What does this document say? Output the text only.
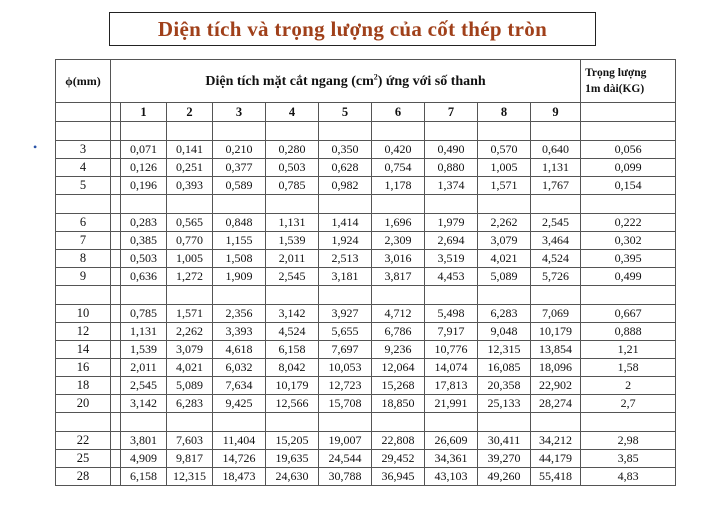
Diện tích và trọng lượng của cốt thép tròn
•
ϕ(mm)	Diện tích mặt cắt ngang $(cm^2)$ ứng với số thanh										Trọng lượng
1m dài(KG)
		1	2	3	4	5	6	7	8	9	

3		0,071	0,141	0,210	0,280	0,350	0,420	0,490	0,570	0,640	0,056
4		0,126	0,251	0,377	0,503	0,628	0,754	0,880	1,005	1,131	0,099
5		0,196	0,393	0,589	0,785	0,982	1,178	1,374	1,571	1,767	0,154

6		0,283	0,565	0,848	1,131	1,414	1,696	1,979	2,262	2,545	0,222
7		0,385	0,770	1,155	1,539	1,924	2,309	2,694	3,079	3,464	0,302
8		0,503	1,005	1,508	2,011	2,513	3,016	3,519	4,021	4,524	0,395
9		0,636	1,272	1,909	2,545	3,181	3,817	4,453	5,089	5,726	0,499

10		0,785	1,571	2,356	3,142	3,927	4,712	5,498	6,283	7,069	0,667
12		1,131	2,262	3,393	4,524	5,655	6,786	7,917	9,048	10,179	0,888
14		1,539	3,079	4,618	6,158	7,697	9,236	10,776	12,315	13,854	1,21
16		2,011	4,021	6,032	8,042	10,053	12,064	14,074	16,085	18,096	1,58
18		2,545	5,089	7,634	10,179	12,723	15,268	17,813	20,358	22,902	2
20		3,142	6,283	9,425	12,566	15,708	18,850	21,991	25,133	28,274	2,7

22		3,801	7,603	11,404	15,205	19,007	22,808	26,609	30,411	34,212	2,98
25		4,909	9,817	14,726	19,635	24,544	29,452	34,361	39,270	44,179	3,85
28		6,158	12,315	18,473	24,630	30,788	36,945	43,103	49,260	55,418	4,83
